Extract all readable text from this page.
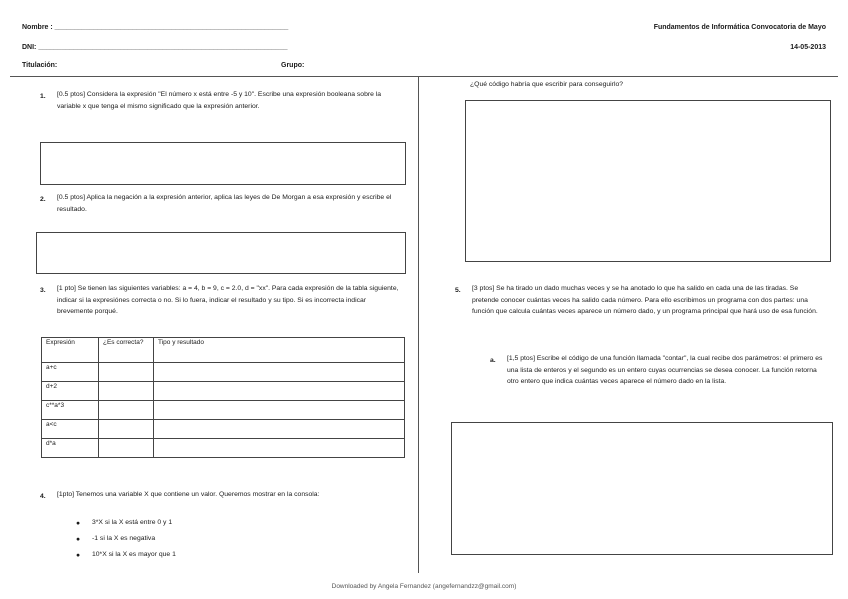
Nombre : ____________________________________________________________
DNI: ________________________________________________________________
Titulación:	Grupo:
Fundamentos de Informática Convocatoria de Mayo
14-05-2013
1. [0.5 ptos] Considera la expresión "El número x está entre -5 y 10". Escribe una expresión booleana sobre la variable x que tenga el mismo significado que la expresión anterior.
2. [0.5 ptos] Aplica la negación a la expresión anterior, aplica las leyes de De Morgan a esa expresión y escribe el resultado.
3. [1 pto] Se tienen las siguientes variables: a = 4, b = 9, c = 2.0, d = "xx". Para cada expresión de la tabla siguiente, indicar si la expresiónes correcta o no. Si lo fuera, indicar el resultado y su tipo. Si es incorrecta indicar brevemente porqué.
Expresión	¿Es correcta?	Tipo y resultado
a+c		
d+2		
c**a*3		
a<c		
d*a		
4. [1pto] Tenemos una variable X que contiene un valor. Queremos mostrar en la consola:
● 3*X si la X está entre 0 y 1
● -1 si la X es negativa
● 10*X si la X es mayor que 1
¿Qué código habría que escribir para conseguirlo?
5. [3 ptos] Se ha tirado un dado muchas veces y se ha anotado lo que ha salido en cada una de las tiradas. Se pretende conocer cuántas veces ha salido cada número. Para ello escribimos un programa con dos partes: una función que calcula cuántas veces aparece un número dado, y un programa principal que hará uso de esa función.
a. [1,5 ptos] Escribe el código de una función llamada "contar", la cual recibe dos parámetros: el primero es una lista de enteros y el segundo es un entero cuyas ocurrencias se desea conocer. La función retorna otro entero que indica cuántas veces aparece el número dado en la lista.
Downloaded by Angela Fernandez (angefernandzz@gmail.com)
